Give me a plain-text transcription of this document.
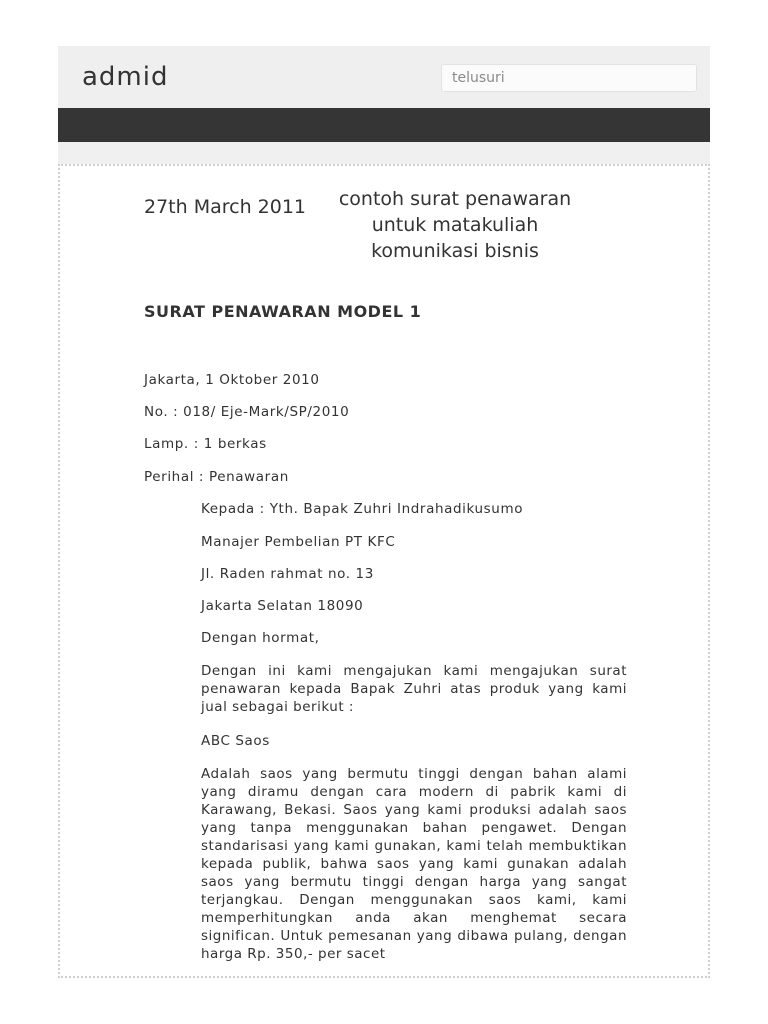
admid
telusuri
27th March 2011	contoh surat penawaran untuk matakuliah komunikasi bisnis
SURAT PENAWARAN MODEL 1
Jakarta, 1 Oktober 2010
No. : 018/ Eje-Mark/SP/2010
Lamp. : 1 berkas
Perihal : Penawaran
Kepada : Yth. Bapak Zuhri Indrahadikusumo
Manajer Pembelian PT KFC
Jl. Raden rahmat no. 13
Jakarta Selatan 18090
Dengan hormat,
Dengan ini kami mengajukan kami mengajukan surat penawaran kepada Bapak Zuhri atas produk yang kami jual sebagai berikut :
ABC Saos
Adalah saos yang bermutu tinggi dengan bahan alami yang diramu dengan cara modern di pabrik kami di Karawang, Bekasi. Saos yang kami produksi adalah saos yang tanpa menggunakan bahan pengawet. Dengan standarisasi yang kami gunakan, kami telah membuktikan kepada publik, bahwa saos yang kami gunakan adalah saos yang bermutu tinggi dengan harga yang sangat terjangkau. Dengan menggunakan saos kami, kami memperhitungkan anda akan menghemat secara significan. Untuk pemesanan yang dibawa pulang, dengan harga Rp. 350,- per sacet
